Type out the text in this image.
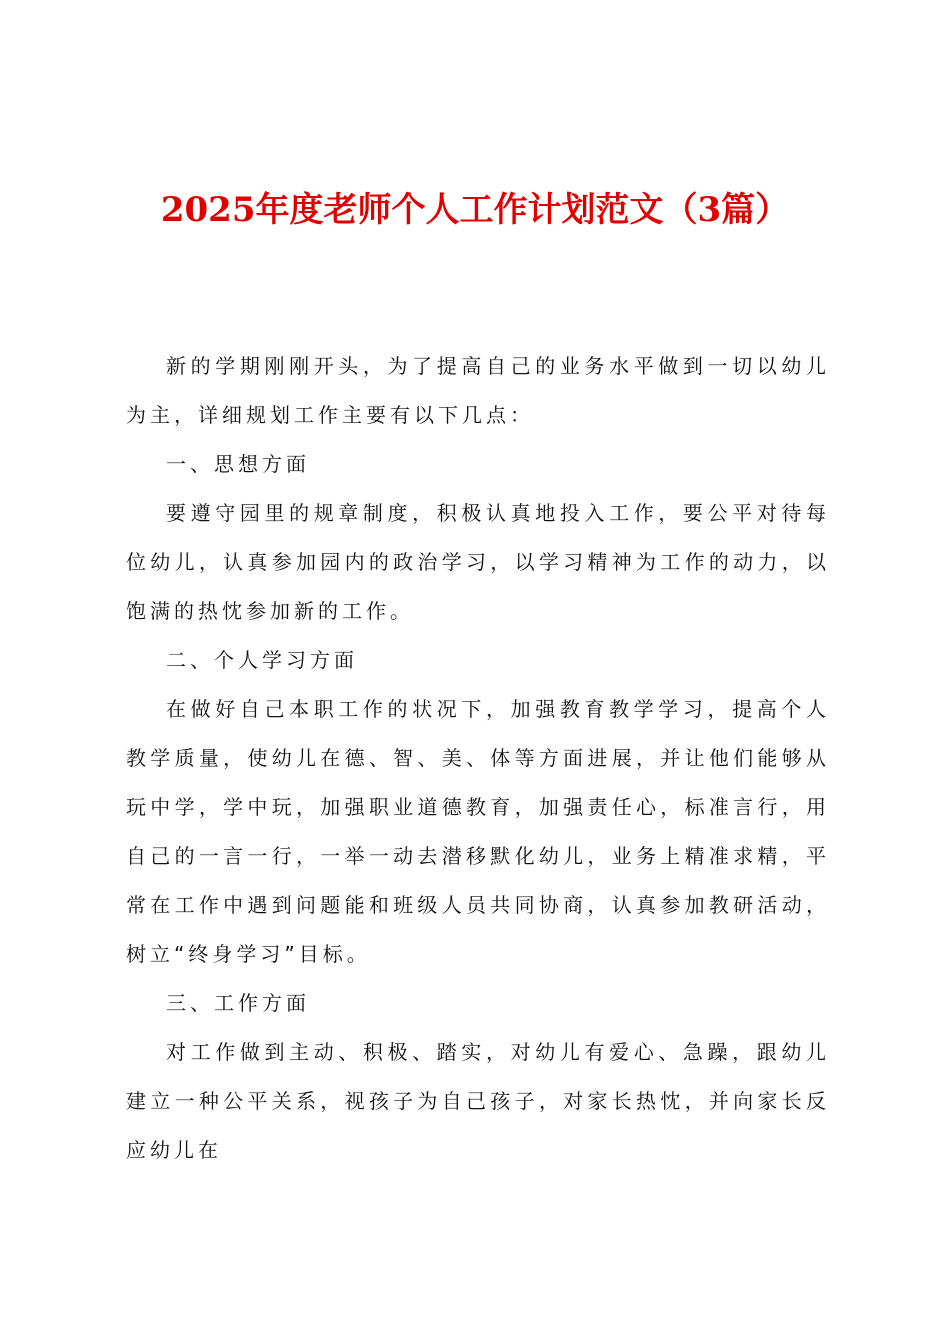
2025年度老师个人工作计划范文（3篇）

新的学期刚刚开头，为了提高自己的业务水平做到一切以幼儿为主，详细规划工作主要有以下几点：

一、思想方面

要遵守园里的规章制度，积极认真地投入工作，要公平对待每位幼儿，认真参加园内的政治学习，以学习精神为工作的动力，以饱满的热忱参加新的工作。

二、个人学习方面

在做好自己本职工作的状况下，加强教育教学学习，提高个人教学质量，使幼儿在德、智、美、体等方面进展，并让他们能够从玩中学，学中玩，加强职业道德教育，加强责任心，标准言行，用自己的一言一行，一举一动去潜移默化幼儿，业务上精准求精，平常在工作中遇到问题能和班级人员共同协商，认真参加教研活动，树立“终身学习”目标。

三、工作方面

对工作做到主动、积极、踏实，对幼儿有爱心、急躁，跟幼儿建立一种公平关系，视孩子为自己孩子，对家长热忱，并向家长反应幼儿在
